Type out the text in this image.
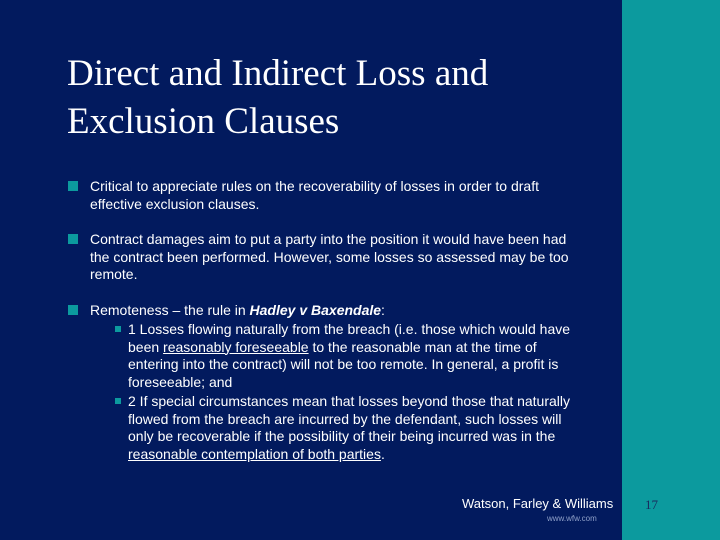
Direct and Indirect Loss and
Exclusion Clauses
Critical to appreciate rules on the recoverability of losses in order to draft effective exclusion clauses.
Contract damages aim to put a party into the position it would have been had the contract been performed. However, some losses so assessed may be too remote.
Remoteness – the rule in Hadley v Baxendale:
1 Losses flowing naturally from the breach (i.e. those which would have been reasonably foreseeable to the reasonable man at the time of entering into the contract) will not be too remote. In general, a profit is foreseeable; and
2 If special circumstances mean that losses beyond those that naturally flowed from the breach are incurred by the defendant, such losses will only be recoverable if the possibility of their being incurred was in the reasonable contemplation of both parties.
Watson, Farley & Williams
www.wfw.com
17
